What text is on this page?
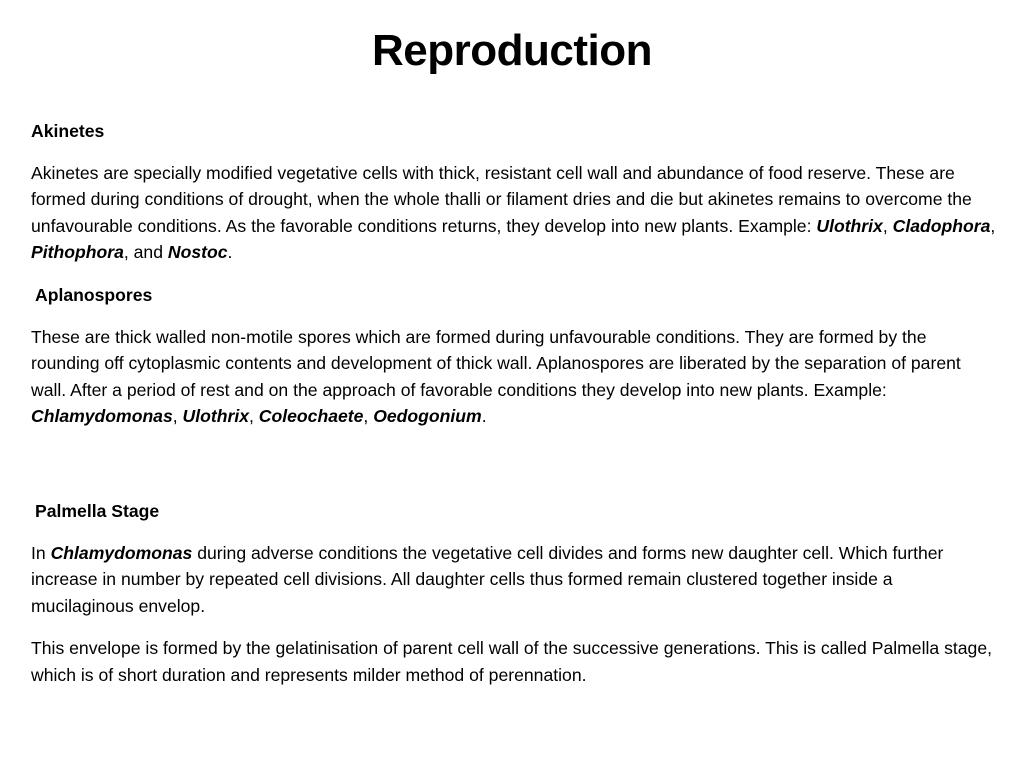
Reproduction

Akinetes

Akinetes are specially modified vegetative cells with thick, resistant cell wall and abundance of food reserve. These are formed during conditions of drought, when the whole thalli or filament dries and die but akinetes remains to overcome the unfavourable conditions. As the favorable conditions returns, they develop into new plants. Example: Ulothrix, Cladophora, Pithophora, and Nostoc.

Aplanospores

These are thick walled non-motile spores which are formed during unfavourable conditions. They are formed by the rounding off cytoplasmic contents and development of thick wall. Aplanospores are liberated by the separation of parent wall. After a period of rest and on the approach of favorable conditions they develop into new plants. Example: Chlamydomonas, Ulothrix, Coleochaete, Oedogonium.

Palmella Stage

In Chlamydomonas during adverse conditions the vegetative cell divides and forms new daughter cell. Which further increase in number by repeated cell divisions. All daughter cells thus formed remain clustered together inside a mucilaginous envelop.

This envelope is formed by the gelatinisation of parent cell wall of the successive generations. This is called Palmella stage, which is of short duration and represents milder method of perennation.
